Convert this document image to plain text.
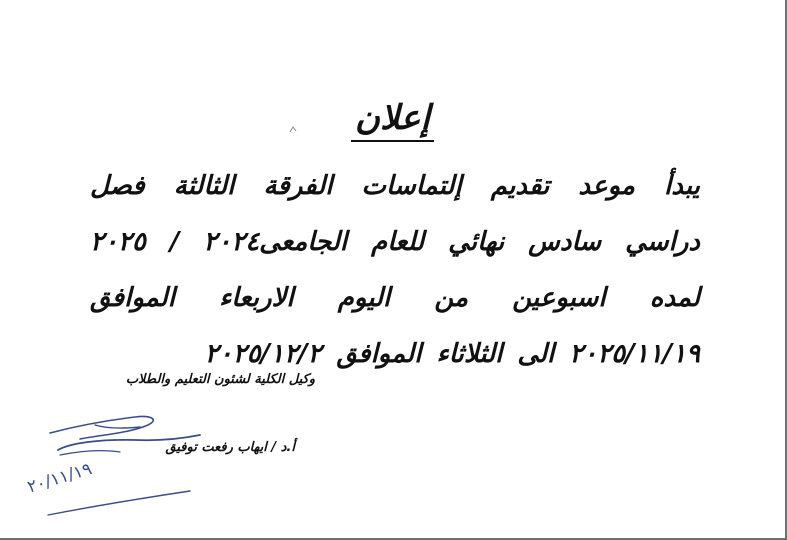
إعلان
يبدأ موعد تقديم إلتماسات الفرقة الثالثة فصل دراسي سادس نهائي للعام الجامعى٢٠٢٤ / ٢٠٢٥ لمده اسبوعين من اليوم الاربعاء الموافق ٢٠٢٥/١١/١٩ الى الثلاثاء الموافق ٢٠٢٥/١٢/٢
وكيل الكلية لشئون التعليم والطلاب
أ.د / ايهاب رفعت توفيق
٢٠/١١/١٩
